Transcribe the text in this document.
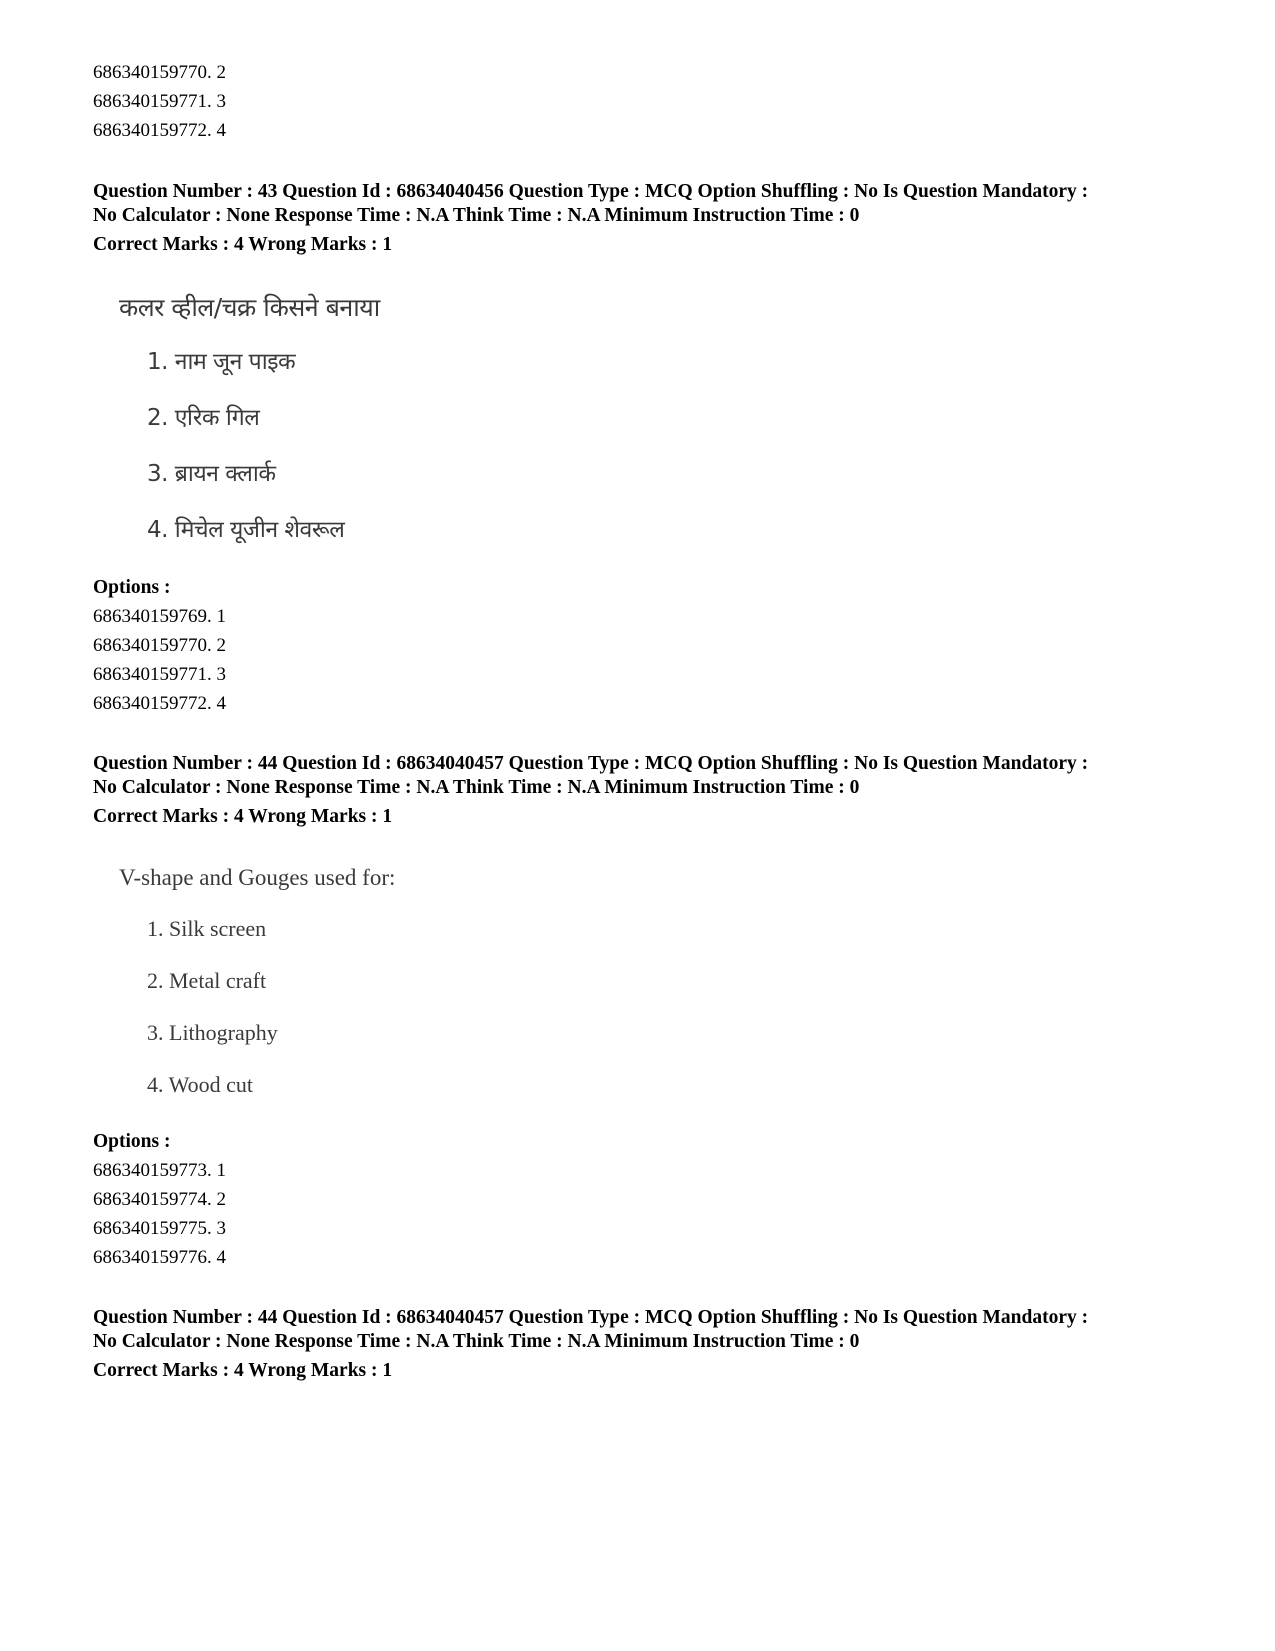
686340159770. 2
686340159771. 3
686340159772. 4
Question Number : 43 Question Id : 68634040456 Question Type : MCQ Option Shuffling : No Is Question Mandatory :
No Calculator : None Response Time : N.A Think Time : N.A Minimum Instruction Time : 0
Correct Marks : 4 Wrong Marks : 1
कलर व्हील/चक्र किसने बनाया
1. नाम जून पाइक
2. एरिक गिल
3. ब्रायन क्लार्क
4. मिचेल यूजीन शेवरूल
Options :
686340159769. 1
686340159770. 2
686340159771. 3
686340159772. 4
Question Number : 44 Question Id : 68634040457 Question Type : MCQ Option Shuffling : No Is Question Mandatory :
No Calculator : None Response Time : N.A Think Time : N.A Minimum Instruction Time : 0
Correct Marks : 4 Wrong Marks : 1
V-shape and Gouges used for:
1. Silk screen
2. Metal craft
3. Lithography
4. Wood cut
Options :
686340159773. 1
686340159774. 2
686340159775. 3
686340159776. 4
Question Number : 44 Question Id : 68634040457 Question Type : MCQ Option Shuffling : No Is Question Mandatory :
No Calculator : None Response Time : N.A Think Time : N.A Minimum Instruction Time : 0
Correct Marks : 4 Wrong Marks : 1
